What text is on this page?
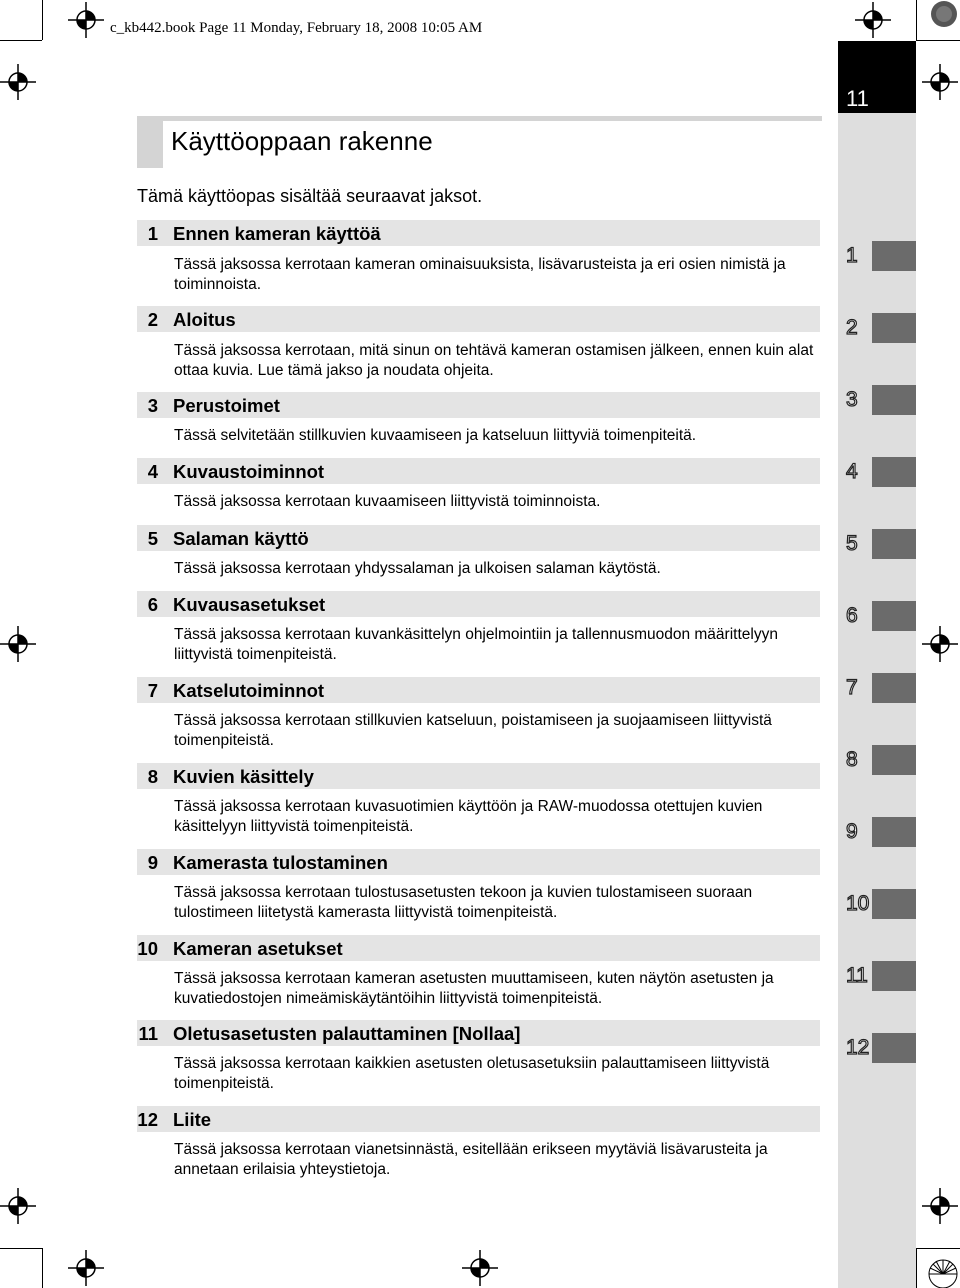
c_kb442.book Page 11 Monday, February 18, 2008 10:05 AM
11
1
2
3
4
5
6
7
8
9
10
11
12
Käyttöoppaan rakenne
Tämä käyttöopas sisältää seuraavat jaksot.
1 Ennen kameran käyttöä
Tässä jaksossa kerrotaan kameran ominaisuuksista, lisävarusteista ja eri osien nimistä ja toiminnoista.
2 Aloitus
Tässä jaksossa kerrotaan, mitä sinun on tehtävä kameran ostamisen jälkeen, ennen kuin alat ottaa kuvia. Lue tämä jakso ja noudata ohjeita.
3 Perustoimet
Tässä selvitetään stillkuvien kuvaamiseen ja katseluun liittyviä toimenpiteitä.
4 Kuvaustoiminnot
Tässä jaksossa kerrotaan kuvaamiseen liittyvistä toiminnoista.
5 Salaman käyttö
Tässä jaksossa kerrotaan yhdyssalaman ja ulkoisen salaman käytöstä.
6 Kuvausasetukset
Tässä jaksossa kerrotaan kuvankäsittelyn ohjelmointiin ja tallennusmuodon määrittelyyn liittyvistä toimenpiteistä.
7 Katselutoiminnot
Tässä jaksossa kerrotaan stillkuvien katseluun, poistamiseen ja suojaamiseen liittyvistä toimenpiteistä.
8 Kuvien käsittely
Tässä jaksossa kerrotaan kuvasuotimien käyttöön ja RAW-muodossa otettujen kuvien käsittelyyn liittyvistä toimenpiteistä.
9 Kamerasta tulostaminen
Tässä jaksossa kerrotaan tulostusasetusten tekoon ja kuvien tulostamiseen suoraan tulostimeen liitetystä kamerasta liittyvistä toimenpiteistä.
10 Kameran asetukset
Tässä jaksossa kerrotaan kameran asetusten muuttamiseen, kuten näytön asetusten ja kuvatiedostojen nimeämiskäytäntöihin liittyvistä toimenpiteistä.
11 Oletusasetusten palauttaminen [Nollaa]
Tässä jaksossa kerrotaan kaikkien asetusten oletusasetuksiin palauttamiseen liittyvistä toimenpiteistä.
12 Liite
Tässä jaksossa kerrotaan vianetsinnästä, esitellään erikseen myytäviä lisävarusteita ja annetaan erilaisia yhteystietoja.
